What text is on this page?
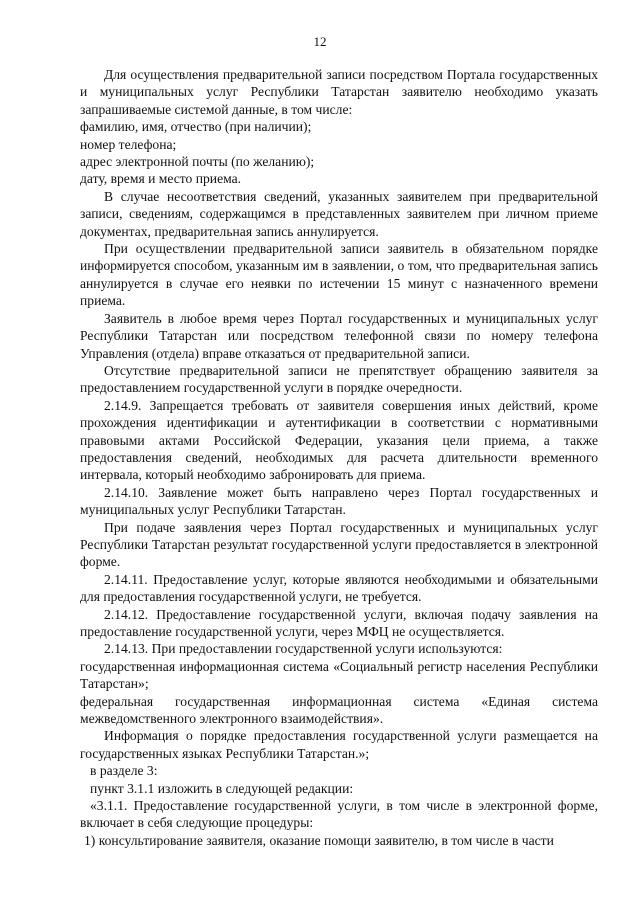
12

Для осуществления предварительной записи посредством Портала государственных и муниципальных услуг Республики Татарстан заявителю необходимо указать запрашиваемые системой данные, в том числе:

фамилию, имя, отчество (при наличии);

номер телефона;

адрес электронной почты (по желанию);

дату, время и место приема.

В случае несоответствия сведений, указанных заявителем при предварительной записи, сведениям, содержащимся в представленных заявителем при личном приеме документах, предварительная запись аннулируется.

При осуществлении предварительной записи заявитель в обязательном порядке информируется способом, указанным им в заявлении, о том, что предварительная запись аннулируется в случае его неявки по истечении 15 минут с назначенного времени приема.

Заявитель в любое время через Портал государственных и муниципальных услуг Республики Татарстан или посредством телефонной связи по номеру телефона Управления (отдела) вправе отказаться от предварительной записи.

Отсутствие предварительной записи не препятствует обращению заявителя за предоставлением государственной услуги в порядке очередности.

2.14.9. Запрещается требовать от заявителя совершения иных действий, кроме прохождения идентификации и аутентификации в соответствии с нормативными правовыми актами Российской Федерации, указания цели приема, а также предоставления сведений, необходимых для расчета длительности временного интервала, который необходимо забронировать для приема.

2.14.10. Заявление может быть направлено через Портал государственных и муниципальных услуг Республики Татарстан.

При подаче заявления через Портал государственных и муниципальных услуг Республики Татарстан результат государственной услуги предоставляется в электронной форме.

2.14.11. Предоставление услуг, которые являются необходимыми и обязательными для предоставления государственной услуги, не требуется.

2.14.12. Предоставление государственной услуги, включая подачу заявления на предоставление государственной услуги, через МФЦ не осуществляется.

2.14.13. При предоставлении государственной услуги используются:

государственная информационная система «Социальный регистр населения Республики Татарстан»;

федеральная государственная информационная система «Единая система межведомственного электронного взаимодействия».

Информация о порядке предоставления государственной услуги размещается на государственных языках Республики Татарстан.»;

в разделе 3:

пункт 3.1.1 изложить в следующей редакции:

«3.1.1. Предоставление государственной услуги, в том числе в электронной форме, включает в себя следующие процедуры:

1) консультирование заявителя, оказание помощи заявителю, в том числе в части
